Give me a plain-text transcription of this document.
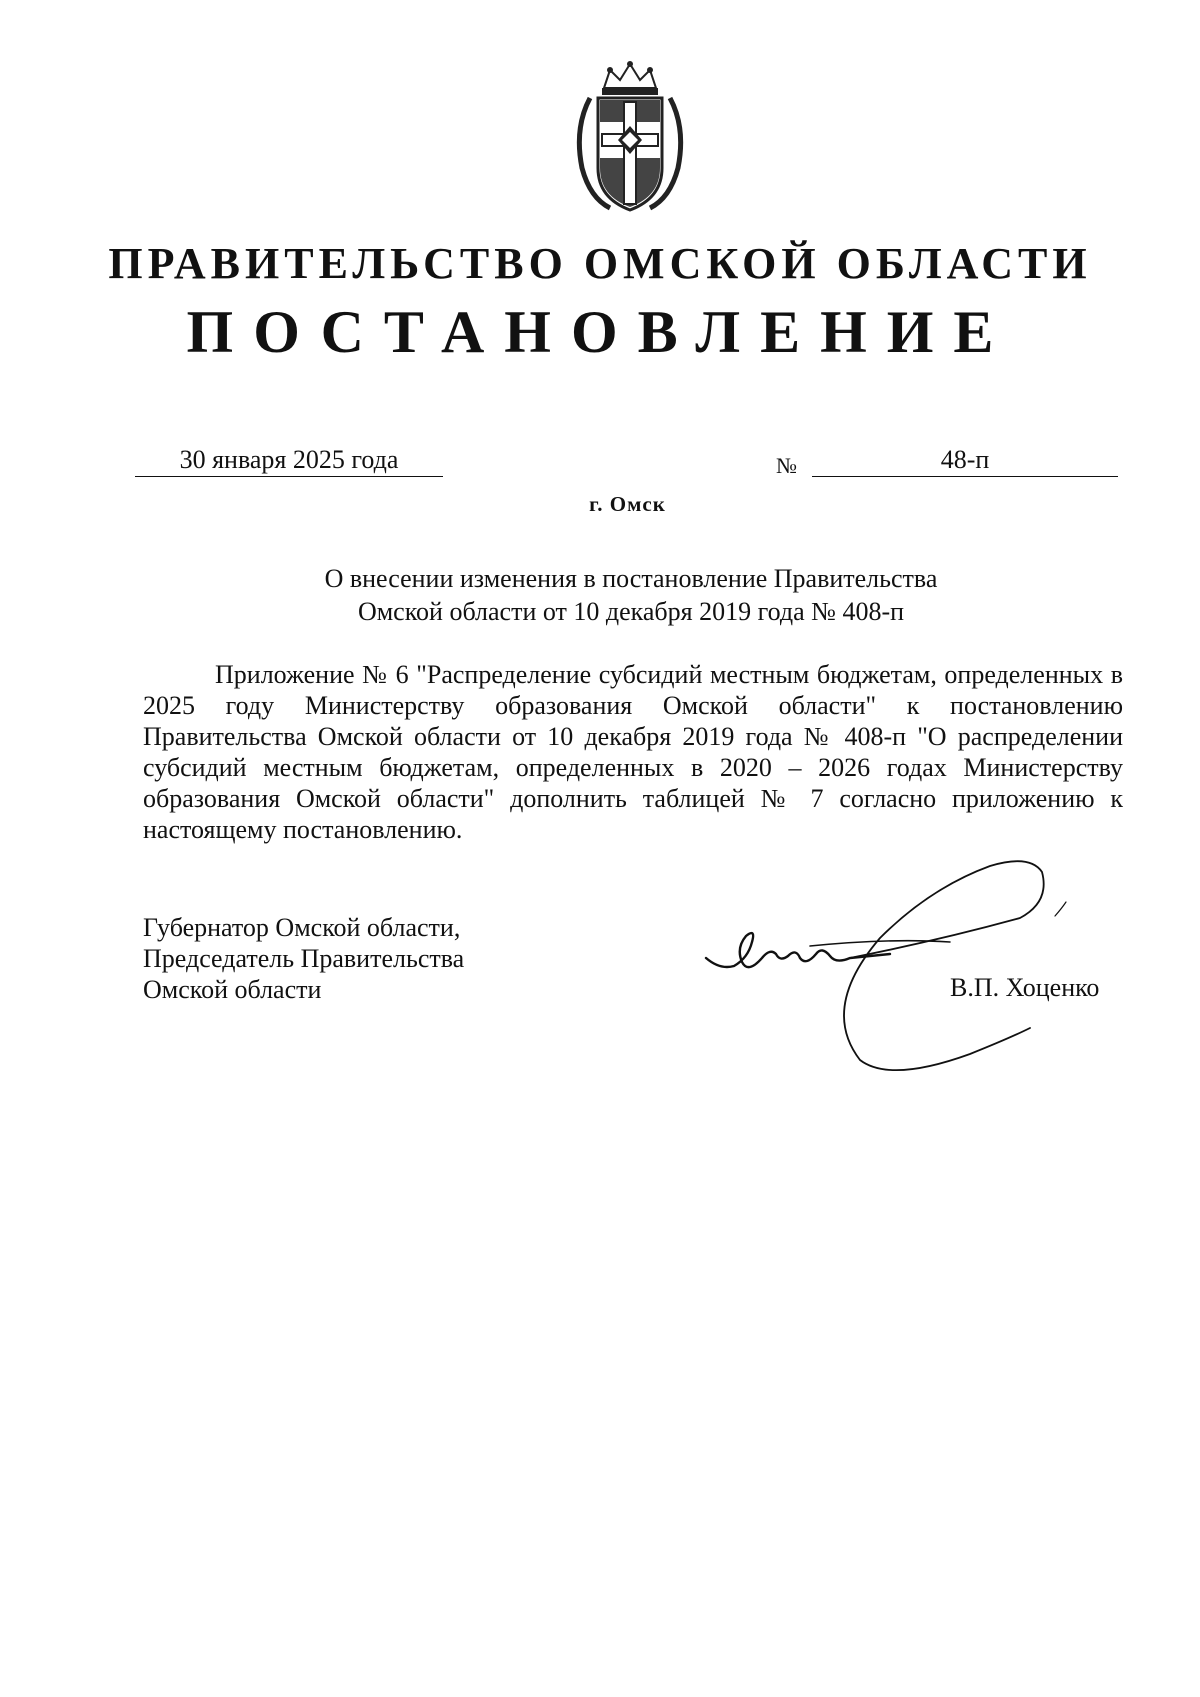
ПРАВИТЕЛЬСТВО ОМСКОЙ ОБЛАСТИ
ПОСТАНОВЛЕНИЕ
30 января 2025 года	№	48-п
г. Омск
О внесении изменения в постановление Правительства
Омской области от 10 декабря 2019 года № 408-п

Приложение № 6 "Распределение субсидий местным бюджетам, определенных в 2025 году Министерству образования Омской области" к постановлению Правительства Омской области от 10 декабря 2019 года № 408-п "О распределении субсидий местным бюджетам, определенных в 2020 – 2026 годах Министерству образования Омской области" дополнить таблицей № 7 согласно приложению к настоящему постановлению.

Губернатор Омской области,
Председатель Правительства
Омской области	В.П. Хоценко
